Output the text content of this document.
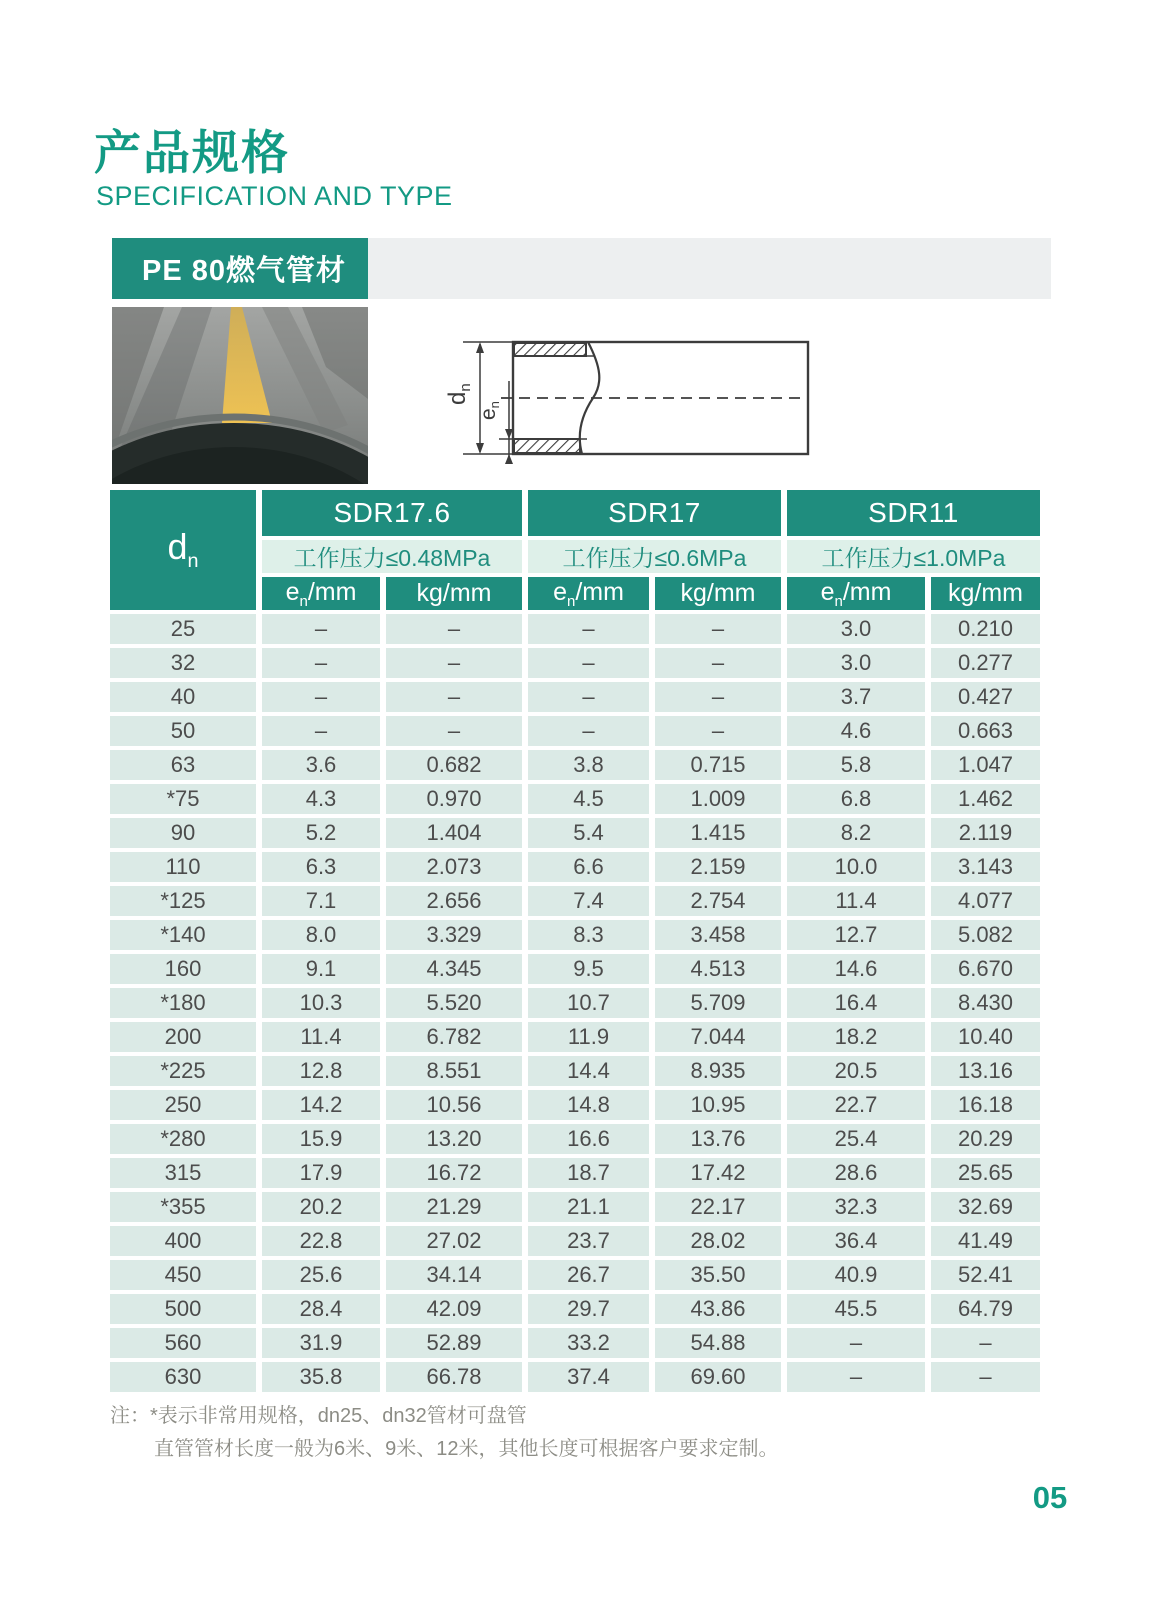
产品规格
SPECIFICATION AND TYPE
PE 80燃气管材
$d_n$
en
$d_n$	SDR17.6		SDR17		SDR11	
	工作压力≤0.48MPa		工作压力≤0.6MPa		工作压力≤1.0MPa	
	$e_n/mm$	kg/mm	$e_n/mm$	kg/mm	$e_n/mm$	kg/mm
25	–	–	–	–	3.0	0.210
32	–	–	–	–	3.0	0.277
40	–	–	–	–	3.7	0.427
50	–	–	–	–	4.6	0.663
63	3.6	0.682	3.8	0.715	5.8	1.047
*75	4.3	0.970	4.5	1.009	6.8	1.462
90	5.2	1.404	5.4	1.415	8.2	2.119
110	6.3	2.073	6.6	2.159	10.0	3.143
*125	7.1	2.656	7.4	2.754	11.4	4.077
*140	8.0	3.329	8.3	3.458	12.7	5.082
160	9.1	4.345	9.5	4.513	14.6	6.670
*180	10.3	5.520	10.7	5.709	16.4	8.430
200	11.4	6.782	11.9	7.044	18.2	10.40
*225	12.8	8.551	14.4	8.935	20.5	13.16
250	14.2	10.56	14.8	10.95	22.7	16.18
*280	15.9	13.20	16.6	13.76	25.4	20.29
315	17.9	16.72	18.7	17.42	28.6	25.65
*355	20.2	21.29	21.1	22.17	32.3	32.69
400	22.8	27.02	23.7	28.02	36.4	41.49
450	25.6	34.14	26.7	35.50	40.9	52.41
500	28.4	42.09	29.7	43.86	45.5	64.79
560	31.9	52.89	33.2	54.88	–	–
630	35.8	66.78	37.4	69.60	–	–
注：*表示非常用规格，dn25、dn32管材可盘管
直管管材长度一般为6米、9米、12米，其他长度可根据客户要求定制。
05
